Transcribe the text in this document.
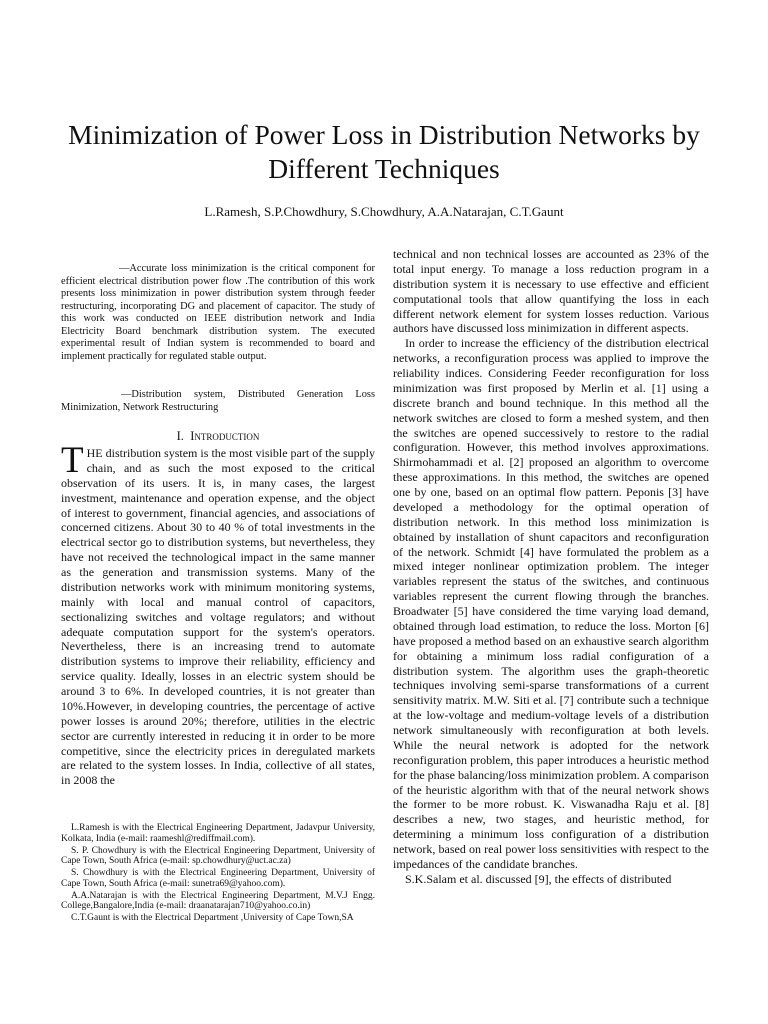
Minimization of Power Loss in Distribution Networks by Different Techniques
L.Ramesh, S.P.Chowdhury, S.Chowdhury, A.A.Natarajan, C.T.Gaunt
—Accurate loss minimization is the critical component for efficient electrical distribution power flow .The contribution of this work presents loss minimization in power distribution system through feeder restructuring, incorporating DG and placement of capacitor. The study of this work was conducted on IEEE distribution network and India Electricity Board benchmark distribution system. The executed experimental result of Indian system is recommended to board and implement practically for regulated stable output.
—Distribution system, Distributed Generation Loss Minimization, Network Restructuring
I. Introduction
T HE distribution system is the most visible part of the supply chain, and as such the most exposed to the critical observation of its users. It is, in many cases, the largest investment, maintenance and operation expense, and the object of interest to government, financial agencies, and associations of concerned citizens. About 30 to 40 % of total investments in the electrical sector go to distribution systems, but nevertheless, they have not received the technological impact in the same manner as the generation and transmission systems. Many of the distribution networks work with minimum monitoring systems, mainly with local and manual control of capacitors, sectionalizing switches and voltage regulators; and without adequate computation support for the system's operators. Nevertheless, there is an increasing trend to automate distribution systems to improve their reliability, efficiency and service quality. Ideally, losses in an electric system should be around 3 to 6%. In developed countries, it is not greater than 10%.However, in developing countries, the percentage of active power losses is around 20%; therefore, utilities in the electric sector are currently interested in reducing it in order to be more competitive, since the electricity prices in deregulated markets are related to the system losses. In India, collective of all states, in 2008 the

L.Ramesh is with the Electrical Engineering Department, Jadavpur University, Kolkata, India (e-mail: raameshl@rediffmail.com).

S. P. Chowdhury is with the Electrical Engineering Department, University of Cape Town, South Africa (e-mail: sp.chowdhury@uct.ac.za)

S. Chowdhury is with the Electrical Engineering Department, University of Cape Town, South Africa (e-mail: sunetra69@yahoo.com).

A.A.Natarajan is with the Electrical Engineering Department, M.V.J Engg. College,Bangalore,India (e-mail: draanatarajan710@yahoo.co.in)

C.T.Gaunt is with the Electrical Department ,University of Cape Town,SA

technical and non technical losses are accounted as 23% of the total input energy. To manage a loss reduction program in a distribution system it is necessary to use effective and efficient computational tools that allow quantifying the loss in each different network element for system losses reduction. Various authors have discussed loss minimization in different aspects.

In order to increase the efficiency of the distribution electrical networks, a reconfiguration process was applied to improve the reliability indices. Considering Feeder reconfiguration for loss minimization was first proposed by Merlin et al. [1] using a discrete branch and bound technique. In this method all the network switches are closed to form a meshed system, and then the switches are opened successively to restore to the radial configuration. However, this method involves approximations. Shirmohammadi et al. [2] proposed an algorithm to overcome these approximations. In this method, the switches are opened one by one, based on an optimal flow pattern. Peponis [3] have developed a methodology for the optimal operation of distribution network. In this method loss minimization is obtained by installation of shunt capacitors and reconfiguration of the network. Schmidt [4] have formulated the problem as a mixed integer nonlinear optimization problem. The integer variables represent the status of the switches, and continuous variables represent the current flowing through the branches. Broadwater [5] have considered the time varying load demand, obtained through load estimation, to reduce the loss. Morton [6] have proposed a method based on an exhaustive search algorithm for obtaining a minimum loss radial configuration of a distribution system. The algorithm uses the graph-theoretic techniques involving semi-sparse transformations of a current sensitivity matrix. M.W. Siti et al. [7] contribute such a technique at the low-voltage and medium-voltage levels of a distribution network simultaneously with reconfiguration at both levels. While the neural network is adopted for the network reconfiguration problem, this paper introduces a heuristic method for the phase balancing/loss minimization problem. A comparison of the heuristic algorithm with that of the neural network shows the former to be more robust. K. Viswanadha Raju et al. [8] describes a new, two stages, and heuristic method, for determining a minimum loss configuration of a distribution network, based on real power loss sensitivities with respect to the impedances of the candidate branches.

S.K.Salam et al. discussed [9], the effects of distributed
